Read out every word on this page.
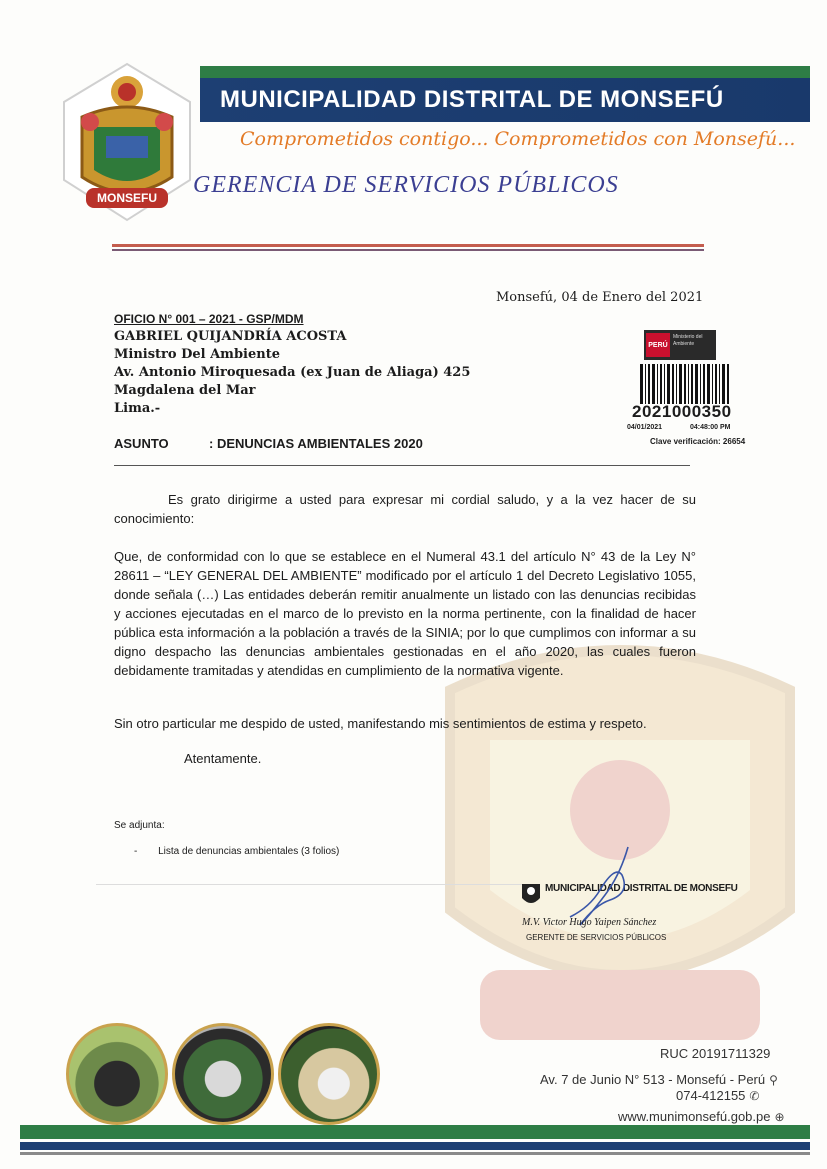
MUNICIPALIDAD DISTRITAL DE MONSEFÚ
Comprometidos contigo... Comprometidos con Monsefú...
GERENCIA DE SERVICIOS PÚBLICOS
MONSEFU
Monsefú, 04 de Enero del 2021
OFICIO N° 001 – 2021 - GSP/MDM
GABRIEL QUIJANDRÍA ACOSTA
Ministro Del Ambiente
Av. Antonio Miroquesada (ex Juan de Aliaga) 425
Magdalena del Mar
Lima.-
PERÚ
Ministerio del Ambiente
2021000350
04/01/2021	04:48:00 PM
Clave verificación: 26654
ASUNTO	: DENUNCIAS AMBIENTALES 2020
Es grato dirigirme a usted para expresar mi cordial saludo, y a la vez hacer de su conocimiento:
Que, de conformidad con lo que se establece en el Numeral 43.1 del artículo N° 43 de la Ley N° 28611 – “LEY GENERAL DEL AMBIENTE” modificado por el artículo 1 del Decreto Legislativo 1055, donde señala (…) Las entidades deberán remitir anualmente un listado con las denuncias recibidas y acciones ejecutadas en el marco de lo previsto en la norma pertinente, con la finalidad de hacer pública esta información a la población a través de la SINIA; por lo que cumplimos con informar a su digno despacho las denuncias ambientales gestionadas en el año 2020, las cuales fueron debidamente tramitadas y atendidas en cumplimiento de la normativa vigente.
Sin otro particular me despido de usted, manifestando mis sentimientos de estima y respeto.
Atentamente.
Se adjunta:
- Lista de denuncias ambientales (3 folios)
MUNICIPALIDAD DISTRITAL DE MONSEFU
M.V. Victor Hugo Yaipen Sánchez
GERENTE DE SERVICIOS PÚBLICOS
RUC 20191711329
Av. 7 de Junio N° 513 - Monsefú - Perú ⚲
074-412155 ✆
www.munimonsefú.gob.pe ⊕
